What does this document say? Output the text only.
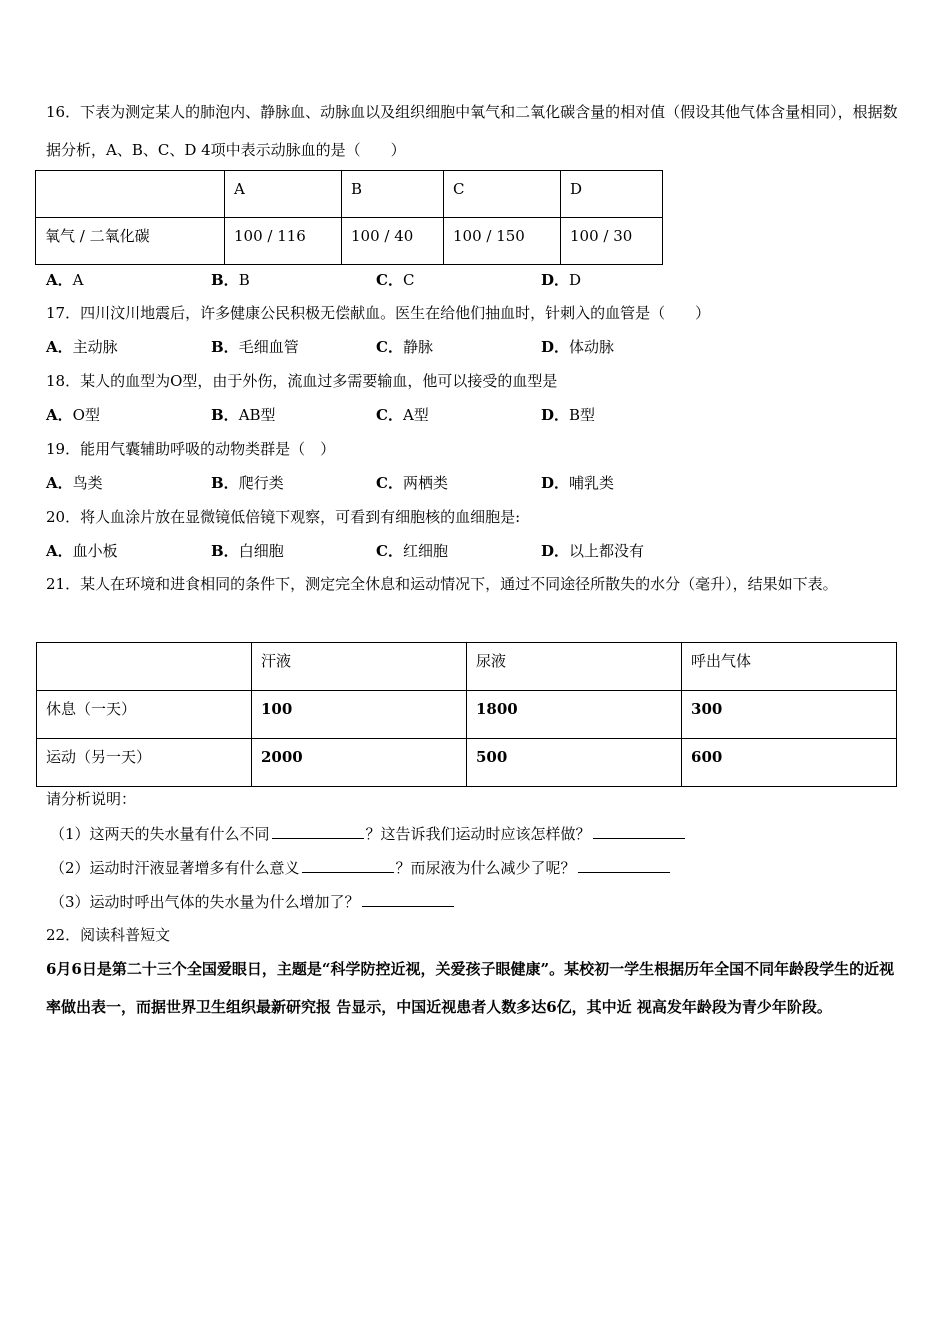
16．下表为测定某人的肺泡内、静脉血、动脉血以及组织细胞中氧气和二氧化碳含量的相对值（假设其他气体含量相同），根据数据分析，A、B、C、D 4项中表示动脉血的是（　　）
	A	B	C	D
氧气 / 二氧化碳	100 / 116	100 / 40	100 / 150	100 / 30
A．A	B．B	C．C	D．D
17．四川汶川地震后，许多健康公民积极无偿献血。医生在给他们抽血时，针刺入的血管是（　　）
A．主动脉	B．毛细血管	C．静脉	D．体动脉
18．某人的血型为O型，由于外伤，流血过多需要输血，他可以接受的血型是
A．O型	B．AB型	C．A型	D．B型
19．能用气囊辅助呼吸的动物类群是（　）
A．鸟类	B．爬行类	C．两栖类	D．哺乳类
20．将人血涂片放在显微镜低倍镜下观察，可看到有细胞核的血细胞是:
A．血小板	B．白细胞	C．红细胞	D．以上都没有
21．某人在环境和进食相同的条件下，测定完全休息和运动情况下，通过不同途径所散失的水分（毫升），结果如下表。
	汗液	尿液	呼出气体
休息（一天）	100	1800	300
运动（另一天）	2000	500	600
请分析说明：
（1）这两天的失水量有什么不同	？这告诉我们运动时应该怎样做？
（2）运动时汗液显著增多有什么意义	？而尿液为什么减少了呢？
（3）运动时呼出气体的失水量为什么增加了？
22．阅读科普短文
6月6日是第二十三个全国爱眼日，主题是“科学防控近视，关爱孩子眼健康”。某校初一学生根据历年全国不同年龄段学生的近视率做出表一，而据世界卫生组织最新研究报 告显示，中国近视患者人数多达6亿，其中近 视高发年龄段为青少年阶段。
